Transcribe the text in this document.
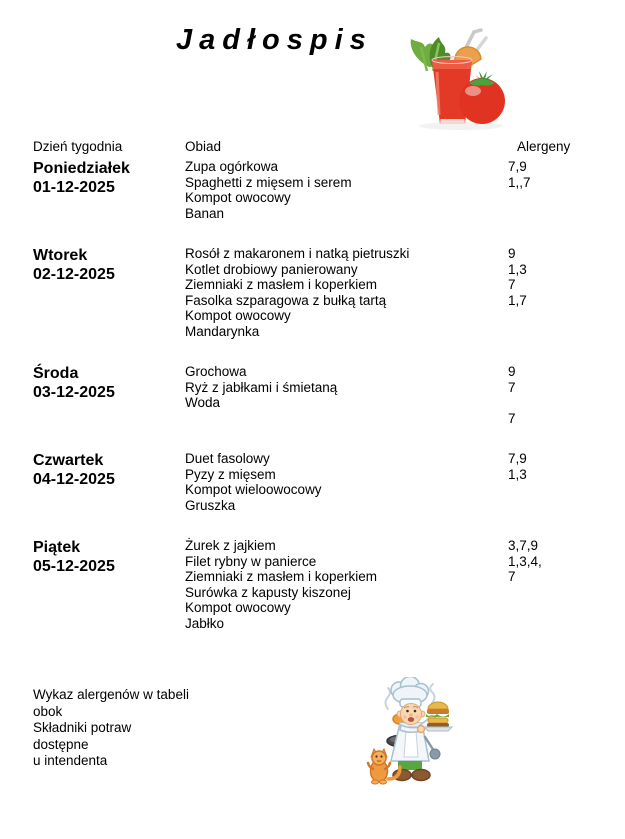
Jadłospis
Dzień tygodnia	Obiad	Alergeny
Poniedziałek
01-12-2025
Zupa ogórkowa
Spaghetti z mięsem i serem
Kompot owocowy
Banan
7,9
1,,7
Wtorek
02-12-2025
Rosół z makaronem i natką pietruszki
Kotlet drobiowy panierowany
Ziemniaki z masłem i koperkiem
Fasolka szparagowa z bułką tartą
Kompot owocowy
Mandarynka
9
1,3
7
1,7
Środa
03-12-2025
Grochowa
Ryż z jabłkami i śmietaną
Woda
9
7
7
Czwartek
04-12-2025
Duet fasolowy
Pyzy z mięsem
Kompot wieloowocowy
Gruszka
7,9
1,3
Piątek
05-12-2025
Żurek z jajkiem
Filet rybny w panierce
Ziemniaki z masłem i koperkiem
Surówka z kapusty kiszonej
Kompot owocowy
Jabłko
3,7,9
1,3,4,
7
Wykaz alergenów w tabeli
obok
Składniki potraw
dostępne
u intendenta
